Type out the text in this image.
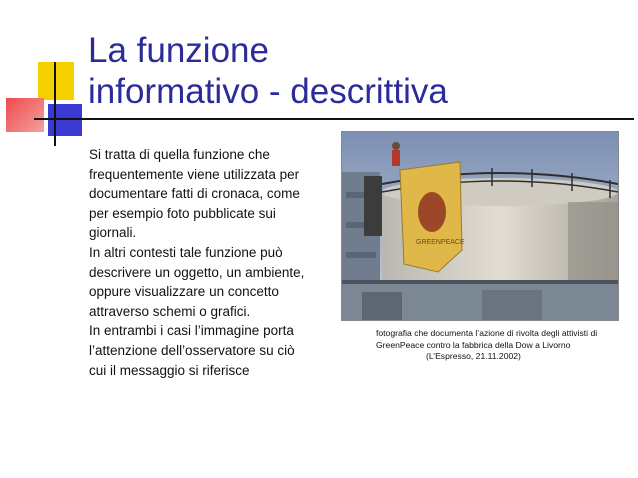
La funzione
informativo - descrittiva
Si tratta di quella funzione che
frequentemente viene utilizzata per
documentare fatti di cronaca, come
per esempio foto pubblicate sui
giornali.
In altri contesti tale funzione può
descrivere un oggetto, un ambiente,
oppure visualizzare un concetto
attraverso schemi o grafici.
In entrambi i casi l’immagine porta
l’attenzione dell’osservatore su ciò
cui il messaggio si riferisce
GREENPEACE
fotografia che documenta l’azione di rivolta degli attivisti di
GreenPeace contro la fabbrica della Dow a Livorno
(L’Espresso, 21.11.2002)
